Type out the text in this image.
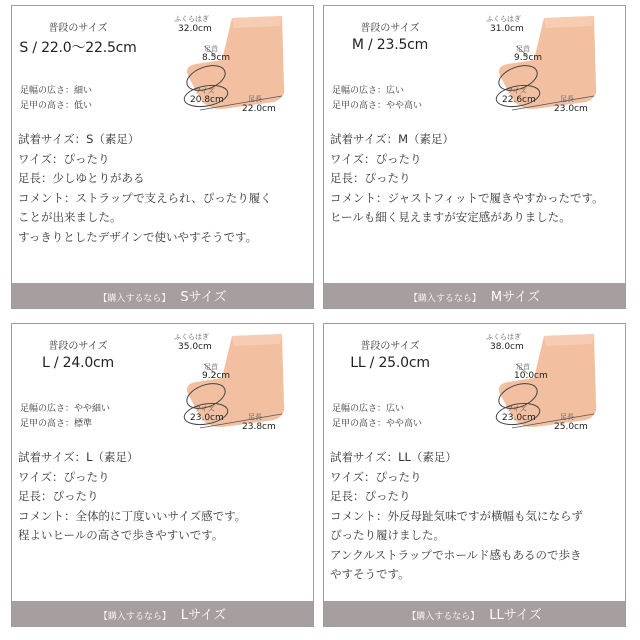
普段のサイズ
S / 22.0〜22.5cm
足幅の広さ：細い
足甲の高さ：低い
ふくらはぎ
32.0cm
足首
8.5cm
ワイズ
20.8cm	足長
22.0cm
試着サイズ：S（素足）
ワイズ：ぴったり
足長：少しゆとりがある
コメント：ストラップで支えられ、ぴったり履く
ことが出来ました。
すっきりとしたデザインで使いやすそうです。
【購入するなら】 Sサイズ
普段のサイズ
M / 23.5cm
足幅の広さ：広い
足甲の高さ：やや高い
ふくらはぎ
31.0cm
足首
9.5cm
ワイズ
22.6cm	足長
23.0cm
試着サイズ：M（素足）
ワイズ：ぴったり
足長：ぴったり
コメント：ジャストフィットで履きやすかったです。
ヒールも細く見えますが安定感がありました。
【購入するなら】 Mサイズ
普段のサイズ
L / 24.0cm
足幅の広さ：やや細い
足甲の高さ：標準
ふくらはぎ
35.0cm
足首
9.2cm
ワイズ
23.0cm	足長
23.8cm
試着サイズ：L（素足）
ワイズ：ぴったり
足長：ぴったり
コメント：全体的に丁度いいサイズ感です。
程よいヒールの高さで歩きやすいです。
【購入するなら】 Lサイズ
普段のサイズ
LL / 25.0cm
足幅の広さ：広い
足甲の高さ：やや高い
ふくらはぎ
38.0cm
足首
10.0cm
ワイズ
23.0cm	足長
25.0cm
試着サイズ：LL（素足）
ワイズ：ぴったり
足長：ぴったり
コメント：外反母趾気味ですが横幅も気にならず
ぴったり履けました。
アンクルストラップでホールド感もあるので歩き
やすそうです。
【購入するなら】 LLサイズ
